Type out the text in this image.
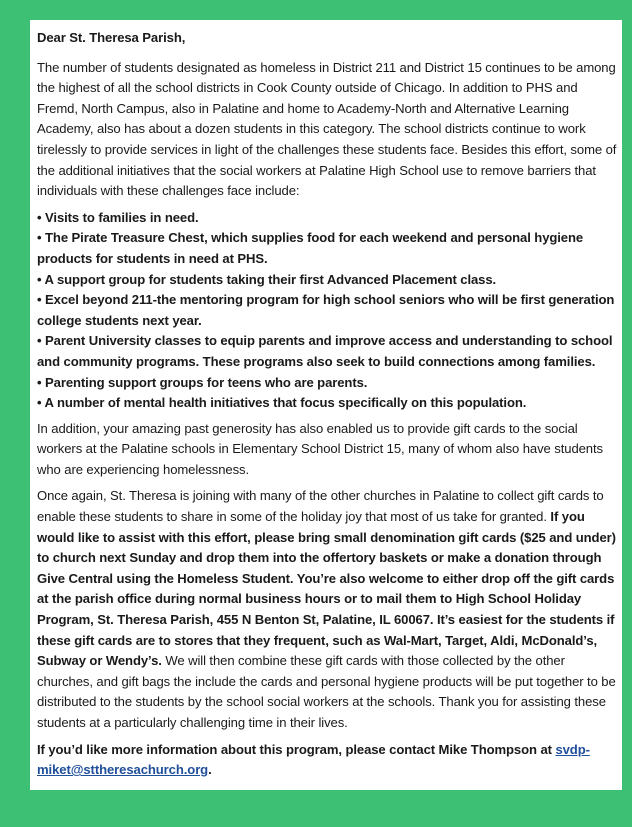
Dear St. Theresa Parish,

The number of students designated as homeless in District 211 and District 15 continues to be among the highest of all the school districts in Cook County outside of Chicago. In addition to PHS and Fremd, North Campus, also in Palatine and home to Academy-North and Alternative Learning Academy, also has about a dozen students in this category. The school districts continue to work tirelessly to provide services in light of the challenges these students face. Besides this effort, some of the additional initiatives that the social workers at Palatine High School use to remove barriers that individuals with these challenges face include:

• Visits to families in need.
• The Pirate Treasure Chest, which supplies food for each weekend and personal hygiene products for students in need at PHS.
• A support group for students taking their first Advanced Placement class.
• Excel beyond 211-the mentoring program for high school seniors who will be first generation college students next year.
• Parent University classes to equip parents and improve access and understanding to school and community programs. These programs also seek to build connections among families.
• Parenting support groups for teens who are parents.
• A number of mental health initiatives that focus specifically on this population.

In addition, your amazing past generosity has also enabled us to provide gift cards to the social workers at the Palatine schools in Elementary School District 15, many of whom also have students who are experiencing homelessness.

Once again, St. Theresa is joining with many of the other churches in Palatine to collect gift cards to enable these students to share in some of the holiday joy that most of us take for granted. If you would like to assist with this effort, please bring small denomination gift cards ($25 and under) to church next Sunday and drop them into the offertory baskets or make a donation through Give Central using the Homeless Student. You’re also welcome to either drop off the gift cards at the parish office during normal business hours or to mail them to High School Holiday Program, St. Theresa Parish, 455 N Benton St, Palatine, IL 60067. It’s easiest for the students if these gift cards are to stores that they frequent, such as Wal-Mart, Target, Aldi, McDonald’s, Subway or Wendy’s. We will then combine these gift cards with those collected by the other churches, and gift bags the include the cards and personal hygiene products will be put together to be distributed to the students by the school social workers at the schools. Thank you for assisting these students at a particularly challenging time in their lives.

If you’d like more information about this program, please contact Mike Thompson at svdp-miket@sttheresachurch.org.
